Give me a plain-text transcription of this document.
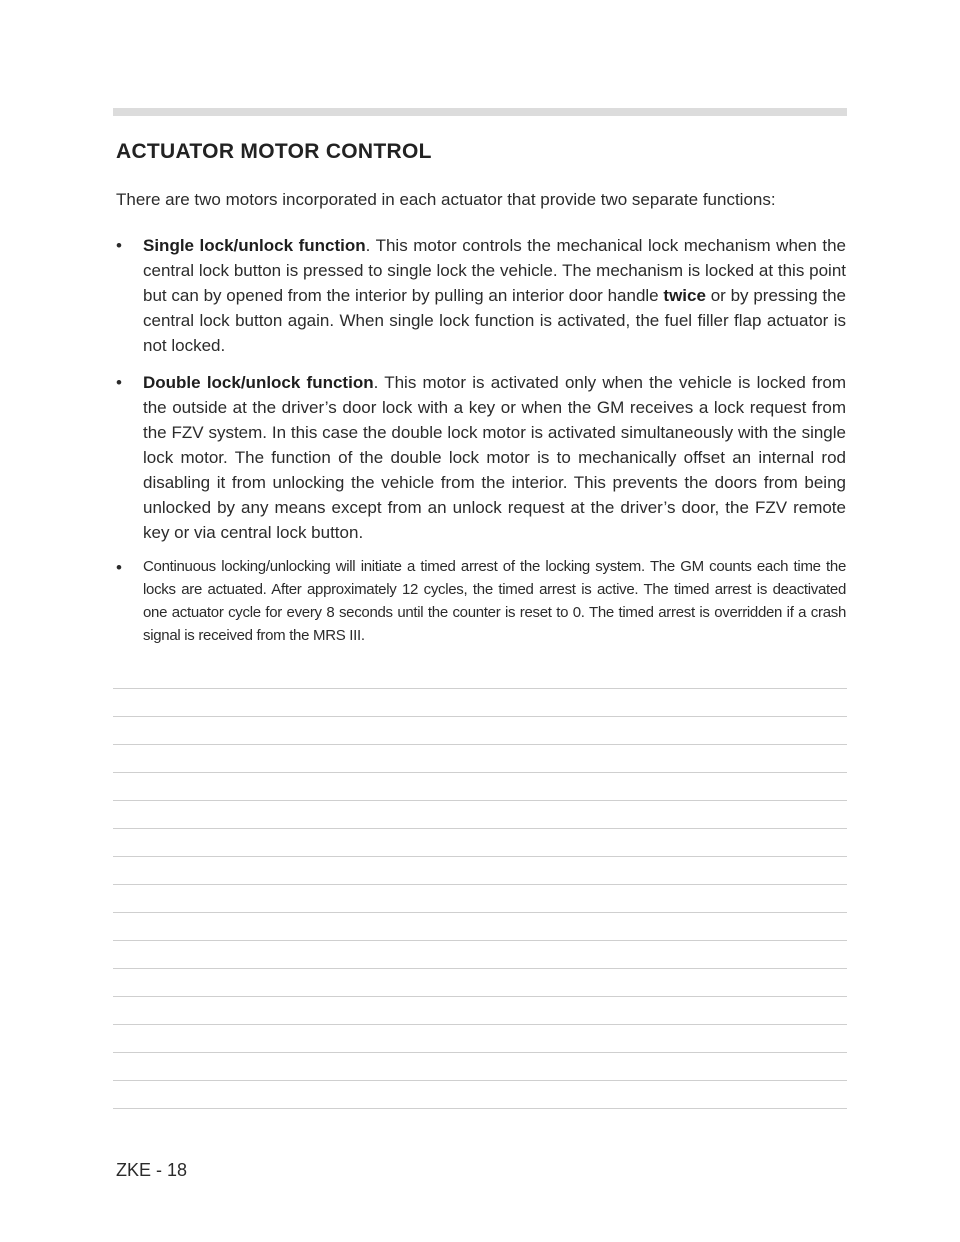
ACTUATOR MOTOR CONTROL

There are two motors incorporated in each actuator that provide two separate functions:

• Single lock/unlock function. This motor controls the mechanical lock mechanism when the central lock button is pressed to single lock the vehicle. The mechanism is locked at this point but can by opened from the interior by pulling an interior door handle twice or by pressing the central lock button again. When single lock function is activated, the fuel filler flap actuator is not locked.
• Double lock/unlock function. This motor is activated only when the vehicle is locked from the outside at the driver’s door lock with a key or when the GM receives a lock request from the FZV system. In this case the double lock motor is activated simultaneously with the single lock motor. The function of the double lock motor is to mechanically offset an internal rod disabling it from unlocking the vehicle from the interior. This prevents the doors from being unlocked by any means except from an unlock request at the driver’s door, the FZV remote key or via central lock button.
• Continuous locking/unlocking will initiate a timed arrest of the locking system. The GM counts each time the locks are actuated. After approximately 12 cycles, the timed arrest is active. The timed arrest is deactivated one actuator cycle for every 8 seconds until the counter is reset to 0. The timed arrest is overridden if a crash signal is received from the MRS III.

ZKE - 18
